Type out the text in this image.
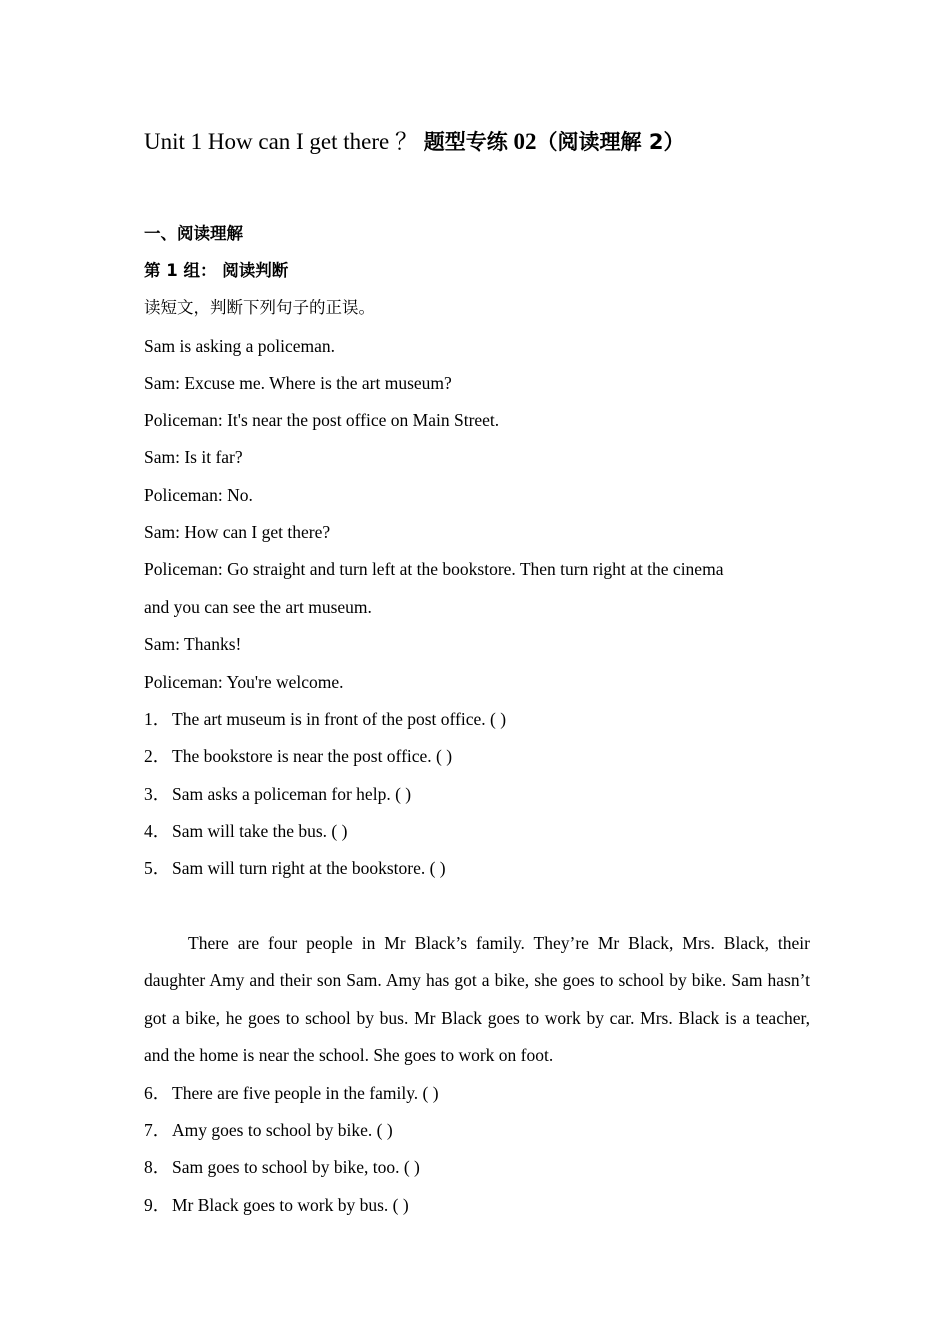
Unit 1 How can I get there ？ 题型专练 02（阅读理解 2）
一、阅读理解
第 1 组： 阅读判断
读短文，判断下列句子的正误。
Sam is asking a policeman.
Sam: Excuse me. Where is the art museum?
Policeman: It's near the post office on Main Street.
Sam: Is it far?
Policeman: No.
Sam: How can I get there?
Policeman: Go straight and turn left at the bookstore. Then turn right at the cinema
and you can see the art museum.
Sam: Thanks!
Policeman: You're welcome.
1． The art museum is in front of the post office. ( )
2． The bookstore is near the post office. ( )
3． Sam asks a policeman for help. ( )
4． Sam will take the bus. ( )
5． Sam will turn right at the bookstore. ( )
There are four people in Mr Black’s family. They’re Mr Black, Mrs. Black, their daughter Amy and their son Sam. Amy has got a bike, she goes to school by bike. Sam hasn’t got a bike, he goes to school by bus. Mr Black goes to work by car. Mrs. Black is a teacher, and the home is near the school. She goes to work on foot.
6． There are five people in the family. ( )
7． Amy goes to school by bike. ( )
8． Sam goes to school by bike, too. ( )
9． Mr Black goes to work by bus. ( )
